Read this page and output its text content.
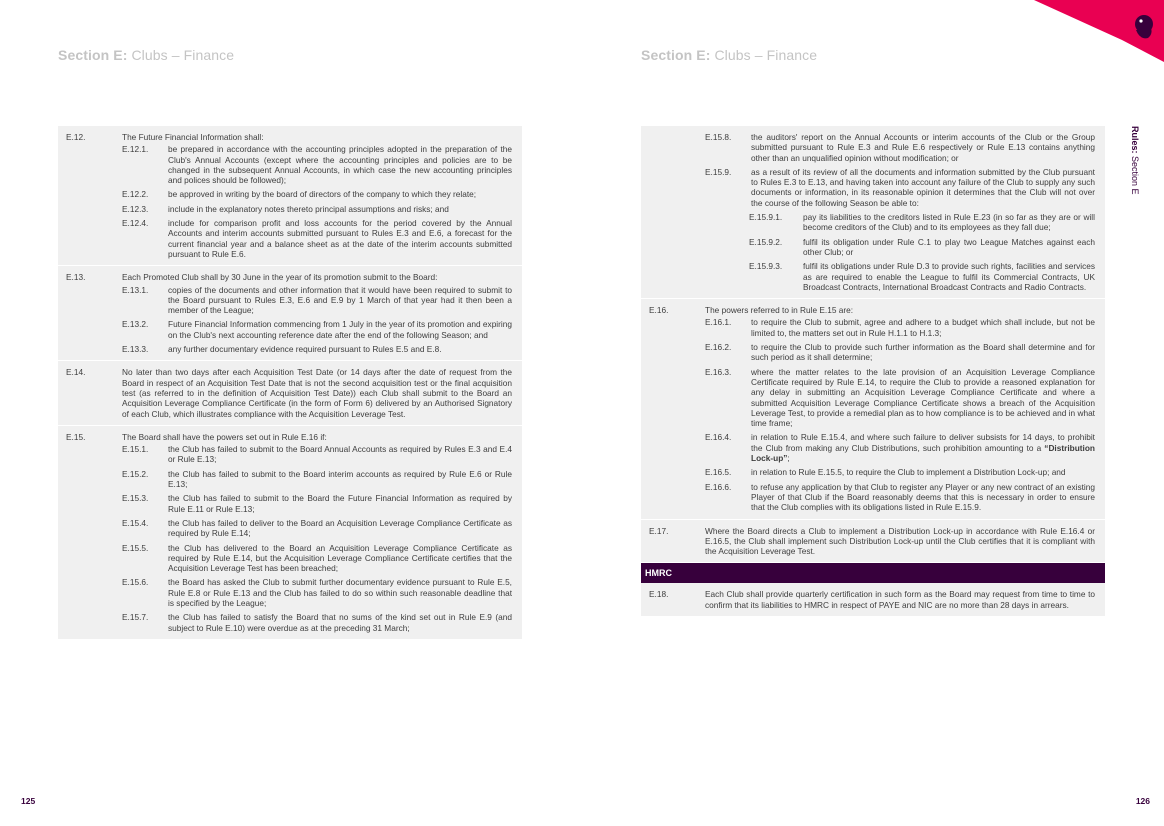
Section E: Clubs – Finance	Section E: Clubs – Finance
Rules: Section E
E.12.	The Future Financial Information shall:
E.12.1.	be prepared in accordance with the accounting principles adopted in the preparation of the Club's Annual Accounts (except where the accounting principles and policies are to be changed in the subsequent Annual Accounts, in which case the new accounting principles and polices should be followed);
E.12.2.	be approved in writing by the board of directors of the company to which they relate;
E.12.3.	include in the explanatory notes thereto principal assumptions and risks; and
E.12.4.	include for comparison profit and loss accounts for the period covered by the Annual Accounts and interim accounts submitted pursuant to Rules E.3 and E.6, a forecast for the current financial year and a balance sheet as at the date of the interim accounts submitted pursuant to Rule E.6.
E.13.	Each Promoted Club shall by 30 June in the year of its promotion submit to the Board:
E.13.1.	copies of the documents and other information that it would have been required to submit to the Board pursuant to Rules E.3, E.6 and E.9 by 1 March of that year had it then been a member of the League;
E.13.2.	Future Financial Information commencing from 1 July in the year of its promotion and expiring on the Club's next accounting reference date after the end of the following Season; and
E.13.3.	any further documentary evidence required pursuant to Rules E.5 and E.8.
E.14.	No later than two days after each Acquisition Test Date (or 14 days after the date of request from the Board in respect of an Acquisition Test Date that is not the second acquisition test or the final acquisition test (as referred to in the definition of Acquisition Test Date)) each Club shall submit to the Board an Acquisition Leverage Compliance Certificate (in the form of Form 6) delivered by an Authorised Signatory of each Club, which illustrates compliance with the Acquisition Leverage Test.
E.15.	The Board shall have the powers set out in Rule E.16 if:
E.15.1.	the Club has failed to submit to the Board Annual Accounts as required by Rules E.3 and E.4 or Rule E.13;
E.15.2.	the Club has failed to submit to the Board interim accounts as required by Rule E.6 or Rule E.13;
E.15.3.	the Club has failed to submit to the Board the Future Financial Information as required by Rule E.11 or Rule E.13;
E.15.4.	the Club has failed to deliver to the Board an Acquisition Leverage Compliance Certificate as required by Rule E.14;
E.15.5.	the Club has delivered to the Board an Acquisition Leverage Compliance Certificate as required by Rule E.14, but the Acquisition Leverage Compliance Certificate certifies that the Acquisition Leverage Test has been breached;
E.15.6.	the Board has asked the Club to submit further documentary evidence pursuant to Rule E.5, Rule E.8 or Rule E.13 and the Club has failed to do so within such reasonable deadline that is specified by the League;
E.15.7.	the Club has failed to satisfy the Board that no sums of the kind set out in Rule E.9 (and subject to Rule E.10) were overdue as at the preceding 31 March;
E.15.8.	the auditors' report on the Annual Accounts or interim accounts of the Club or the Group submitted pursuant to Rule E.3 and Rule E.6 respectively or Rule E.13 contains anything other than an unqualified opinion without modification; or
E.15.9.	as a result of its review of all the documents and information submitted by the Club pursuant to Rules E.3 to E.13, and having taken into account any failure of the Club to supply any such documents or information, in its reasonable opinion it determines that the Club will not over the course of the following Season be able to:
E.15.9.1.	pay its liabilities to the creditors listed in Rule E.23 (in so far as they are or will become creditors of the Club) and to its employees as they fall due;
E.15.9.2.	fulfil its obligation under Rule C.1 to play two League Matches against each other Club; or
E.15.9.3.	fulfil its obligations under Rule D.3 to provide such rights, facilities and services as are required to enable the League to fulfil its Commercial Contracts, UK Broadcast Contracts, International Broadcast Contracts and Radio Contracts.
E.16.	The powers referred to in Rule E.15 are:
E.16.1.	to require the Club to submit, agree and adhere to a budget which shall include, but not be limited to, the matters set out in Rule H.1.1 to H.1.3;
E.16.2.	to require the Club to provide such further information as the Board shall determine and for such period as it shall determine;
E.16.3.	where the matter relates to the late provision of an Acquisition Leverage Compliance Certificate required by Rule E.14, to require the Club to provide a reasoned explanation for any delay in submitting an Acquisition Leverage Compliance Certificate and where a submitted Acquisition Leverage Compliance Certificate shows a breach of the Acquisition Leverage Test, to provide a remedial plan as to how compliance is to be achieved and in what time frame;
E.16.4.	in relation to Rule E.15.4, and where such failure to deliver subsists for 14 days, to prohibit the Club from making any Club Distributions, such prohibition amounting to a “Distribution Lock-up”;
E.16.5.	in relation to Rule E.15.5, to require the Club to implement a Distribution Lock-up; and
E.16.6.	to refuse any application by that Club to register any Player or any new contract of an existing Player of that Club if the Board reasonably deems that this is necessary in order to ensure that the Club complies with its obligations listed in Rule E.15.9.
E.17.	Where the Board directs a Club to implement a Distribution Lock-up in accordance with Rule E.16.4 or E.16.5, the Club shall implement such Distribution Lock-up until the Club certifies that it is compliant with the Acquisition Leverage Test.
HMRC
E.18.	Each Club shall provide quarterly certification in such form as the Board may request from time to time to confirm that its liabilities to HMRC in respect of PAYE and NIC are no more than 28 days in arrears.
125	126
